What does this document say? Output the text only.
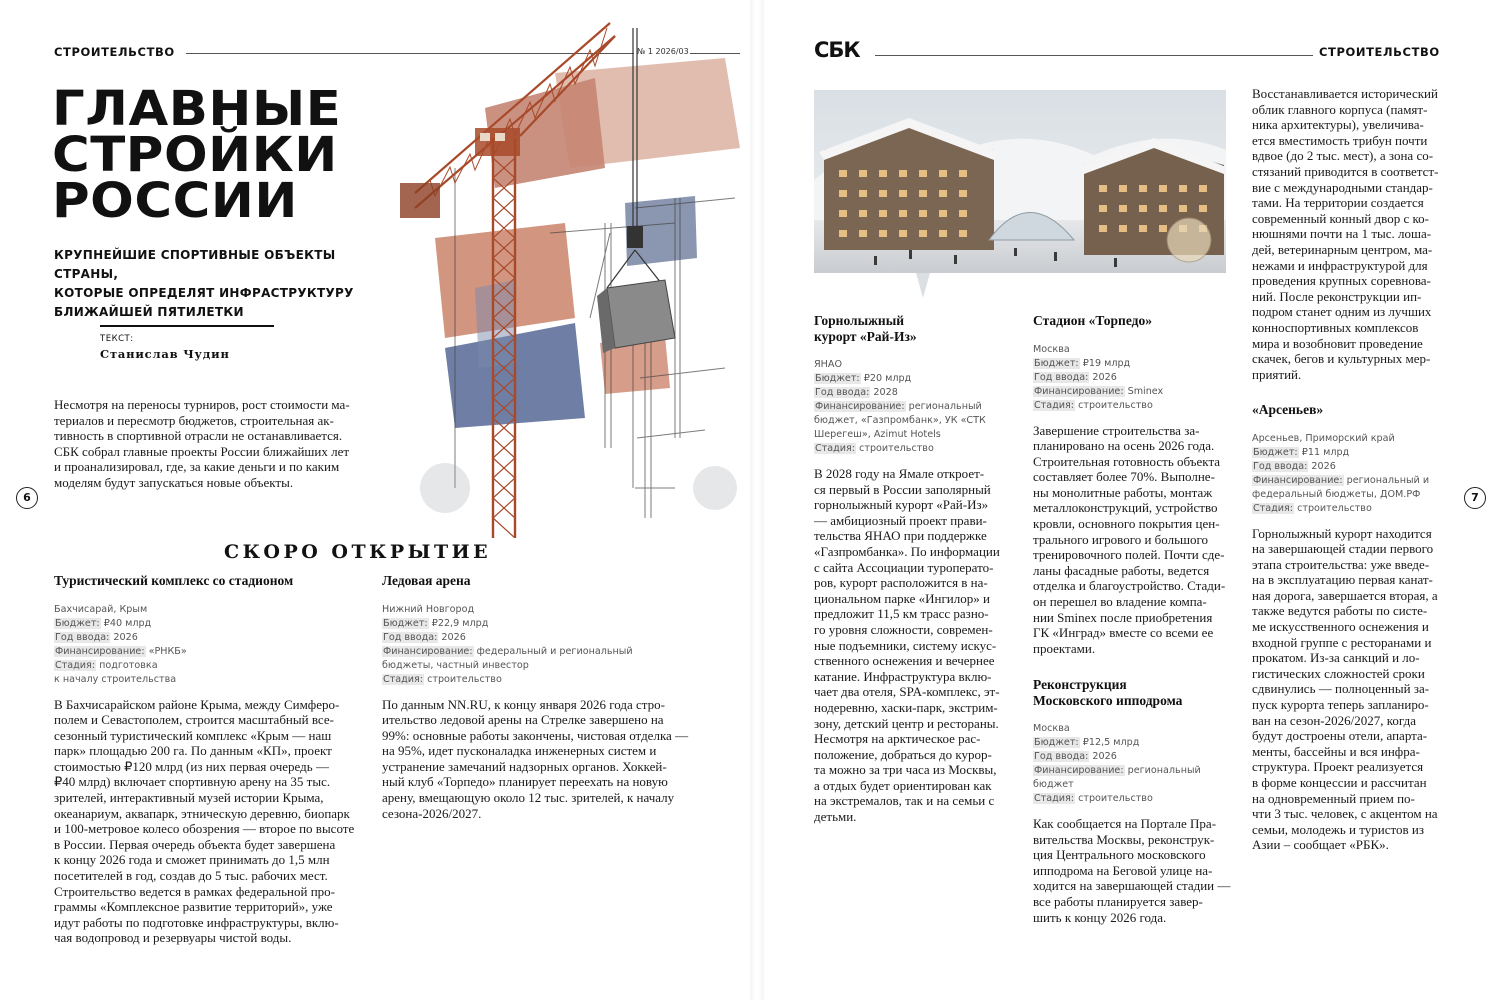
СТРОИТЕЛЬСТВО	№ 1 2026/03
ГЛАВНЫЕ
СТРОЙКИ
РОССИИ
КРУПНЕЙШИЕ СПОРТИВНЫЕ ОБЪЕКТЫ СТРАНЫ,
КОТОРЫЕ ОПРЕДЕЛЯТ ИНФРАСТРУКТУРУ
БЛИЖАЙШЕЙ ПЯТИЛЕТКИ
ТЕКСТ:
Станислав Чудин
Несмотря на переносы турниров, рост стоимости ма-
териалов и пересмотр бюджетов, строительная ак-
тивность в спортивной отрасли не останавливается.
СБК собрал главные проекты России ближайших лет
и проанализировал, где, за какие деньги и по каким
моделям будут запускаться новые объекты.
6
СКОРО ОТКРЫТИЕ
Туристический комплекс со стадионом
Бахчисарай, Крым
Бюджет: ₽40 млрд
Год ввода: 2026
Финансирование: «РНКБ»
Стадия: подготовка
к началу строительства
В Бахчисарайском районе Крыма, между Симферо-
полем и Севастополем, строится масштабный все-
сезонный туристический комплекс «Крым — наш
парк» площадью 200 га. По данным «КП», проект
стоимостью ₽120 млрд (из них первая очередь —
₽40 млрд) включает спортивную арену на 35 тыс.
зрителей, интерактивный музей истории Крыма,
океанариум, аквапарк, этническую деревню, биопарк
и 100-метровое колесо обозрения — второе по высоте
в России. Первая очередь объекта будет завершена
к концу 2026 года и сможет принимать до 1,5 млн
посетителей в год, создав до 5 тыс. рабочих мест.
Строительство ведется в рамках федеральной про-
граммы «Комплексное развитие территорий», уже
идут работы по подготовке инфраструктуры, вклю-
чая водопровод и резервуары чистой воды.
Ледовая арена
Нижний Новгород
Бюджет: ₽22,9 млрд
Год ввода: 2026
Финансирование: федеральный и региональный
бюджеты, частный инвестор
Стадия: строительство
По данным NN.RU, к концу января 2026 года стро-
ительство ледовой арены на Стрелке завершено на
99%: основные работы закончены, чистовая отделка —
на 95%, идет пусконаладка инженерных систем и
устранение замечаний надзорных органов. Хоккей-
ный клуб «Торпедо» планирует переехать на новую
арену, вмещающую около 12 тыс. зрителей, к началу
сезона-2026/2027.
СБК	СТРОИТЕЛЬСТВО
Горнолыжный
курорт «Рай-Из»
ЯНАО
Бюджет: ₽20 млрд
Год ввода: 2028
Финансирование: региональный
бюджет, «Газпромбанк», УК «СТК
Шерегеш», Azimut Hotels
Стадия: строительство
В 2028 году на Ямале откроет-
ся первый в России заполярный
горнолыжный курорт «Рай-Из»
— амбициозный проект прави-
тельства ЯНАО при поддержке
«Газпромбанка». По информации
с сайта Ассоциации туроперато-
ров, курорт расположится в на-
циональном парке «Ингилор» и
предложит 11,5 км трасс разно-
го уровня сложности, современ-
ные подъемники, систему искус-
ственного оснежения и вечернее
катание. Инфраструктура вклю-
чает два отеля, SPA-комплекс, эт-
нодеревню, хаски-парк, экстрим-
зону, детский центр и рестораны.
Несмотря на арктическое рас-
положение, добраться до курор-
та можно за три часа из Москвы,
а отдых будет ориентирован как
на экстремалов, так и на семьи с
детьми.
Стадион «Торпедо»
Москва
Бюджет: ₽19 млрд
Год ввода: 2026
Финансирование: Sminex
Стадия: строительство
Завершение строительства за-
планировано на осень 2026 года.
Строительная готовность объекта
составляет более 70%. Выполне-
ны монолитные работы, монтаж
металлоконструкций, устройство
кровли, основного покрытия цен-
трального игрового и большого
тренировочного полей. Почти сде-
ланы фасадные работы, ведется
отделка и благоустройство. Стади-
он перешел во владение компа-
нии Sminex после приобретения
ГК «Инград» вместе со всеми ее
проектами.
Реконструкция
Московского ипподрома
Москва
Бюджет: ₽12,5 млрд
Год ввода: 2026
Финансирование: региональный бюджет
Стадия: строительство
Как сообщается на Портале Пра-
вительства Москвы, реконструк-
ция Центрального московского
ипподрома на Беговой улице на-
ходится на завершающей стадии —
все работы планируется завер-
шить к концу 2026 года.
Восстанавливается исторический
облик главного корпуса (памят-
ника архитектуры), увеличива-
ется вместимость трибун почти
вдвое (до 2 тыс. мест), а зона со-
стязаний приводится в соответст-
вие с международными стандар-
тами. На территории создается
современный конный двор с ко-
нюшнями почти на 1 тыс. лоша-
дей, ветеринарным центром, ма-
нежами и инфраструктурой для
проведения крупных соревнова-
ний. После реконструкции ип-
подром станет одним из лучших
конноспортивных комплексов
мира и возобновит проведение
скачек, бегов и культурных мер-
приятий.
«Арсеньев»
Арсеньев, Приморский край
Бюджет: ₽11 млрд
Год ввода: 2026
Финансирование: региональный и
федеральный бюджеты, ДОМ.РФ
Стадия: строительство
Горнолыжный курорт находится
на завершающей стадии первого
этапа строительства: уже введе-
на в эксплуатацию первая канат-
ная дорога, завершается вторая, а
также ведутся работы по систе-
ме искусственного оснежения и
входной группе с ресторанами и
прокатом. Из-за санкций и ло-
гистических сложностей сроки
сдвинулись — полноценный за-
пуск курорта теперь запланиро-
ван на сезон-2026/2027, когда
будут достроены отели, апарта-
менты, бассейны и вся инфра-
структура. Проект реализуется
в форме концессии и рассчитан
на одновременный прием по-
чти 3 тыс. человек, с акцентом на
семьи, молодежь и туристов из
Азии – сообщает «РБК».
7
